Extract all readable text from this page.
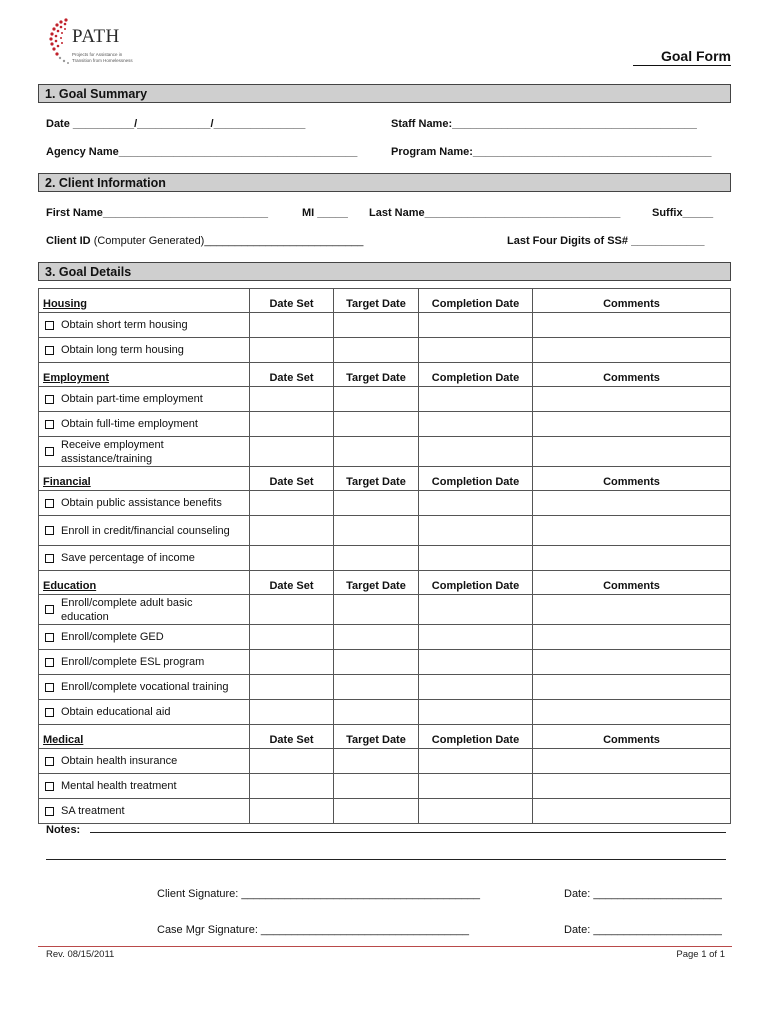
PATH
Projects for Assistance in Transition from Homelessness	Goal Form
1. Goal Summary
Date __________/____________/_______________	Staff Name:________________________________________
Agency Name_______________________________________	Program Name:_______________________________________
2. Client Information
First Name___________________________	MI _____ Last Name________________________________	Suffix_____
Client ID (Computer Generated)__________________________	Last Four Digits of SS# ____________
3. Goal Details
Housing	Date Set	Target Date	Completion Date	Comments
Obtain short term housing				
Obtain long term housing				
Employment	Date Set	Target Date	Completion Date	Comments
Obtain part-time employment				
Obtain full-time employment				
Receive employment assistance/training				
Financial	Date Set	Target Date	Completion Date	Comments
Obtain public assistance benefits				
Enroll in credit/financial counseling				
Save percentage of income				
Education	Date Set	Target Date	Completion Date	Comments
Enroll/complete adult basic education				
Enroll/complete GED				
Enroll/complete ESL program				
Enroll/complete vocational training				
Obtain educational aid				
Medical	Date Set	Target Date	Completion Date	Comments
Obtain health insurance				
Mental health treatment				
SA treatment				
Notes:
Client Signature: _______________________________________	Date: _____________________
Case Mgr Signature: __________________________________	Date: _____________________
Rev. 08/15/2011	Page 1 of 1
